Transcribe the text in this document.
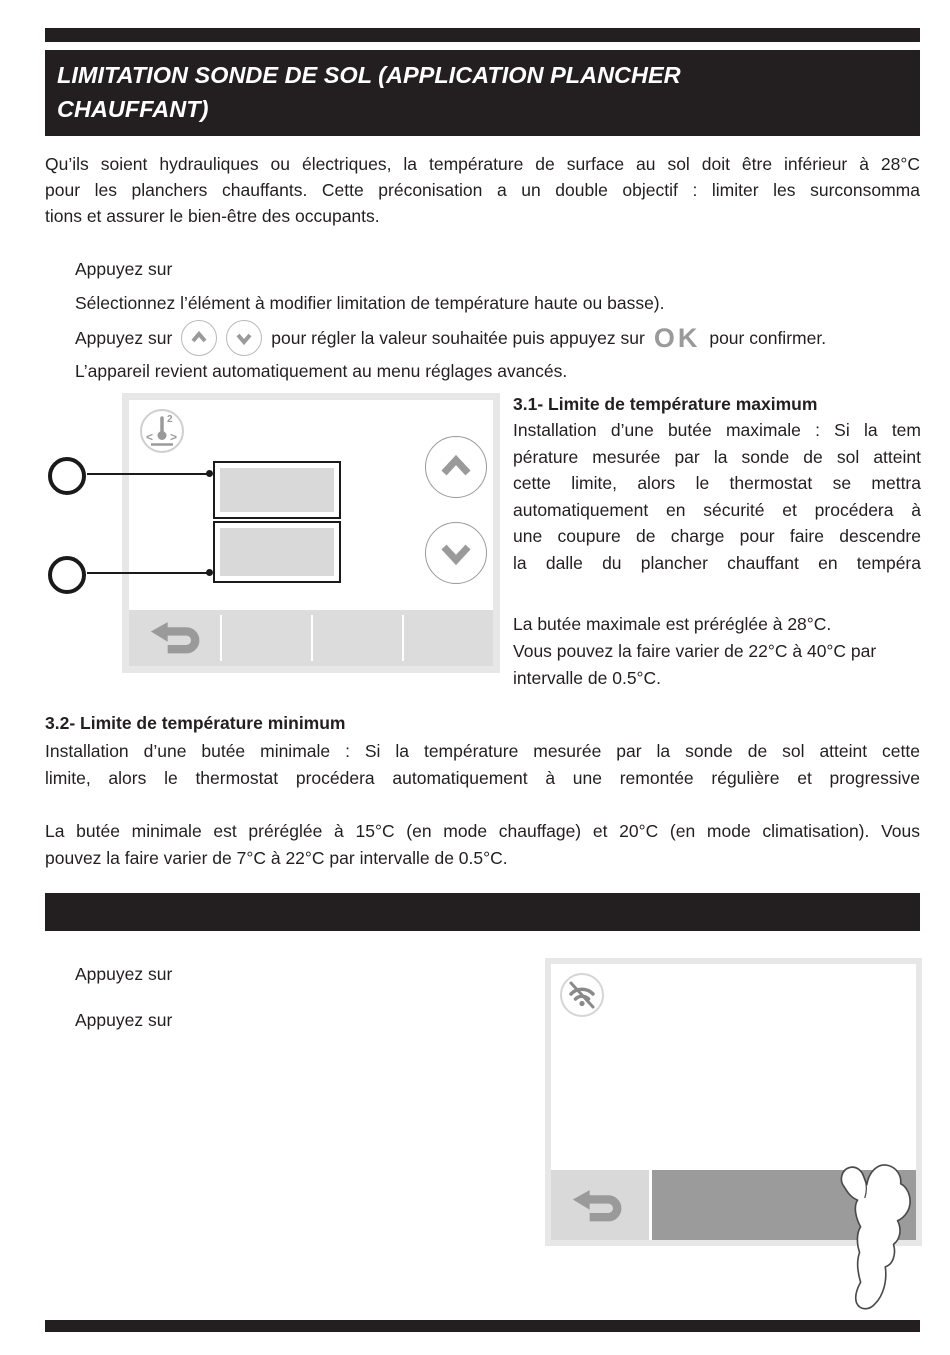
LIMITATION SONDE DE SOL (APPLICATION PLANCHER
CHAUFFANT)
Qu’ils soient hydrauliques ou électriques, la température de surface au sol doit être inférieur à 28°C
pour les planchers chauffants. Cette préconisation a un double objectif : limiter les surconsomma
tions et assurer le bien-être des occupants.
Appuyez sur
Sélectionnez l’élément à modifier limitation de température haute ou basse).
Appuyez sur	pour régler la valeur souhaitée puis appuyez sur OK pour confirmer.
L’appareil revient automatiquement au menu réglages avancés.
2
< >
3.1- Limite de température maximum
Installation d’une butée maximale : Si la tem
pérature mesurée par la sonde de sol atteint
cette limite, alors le thermostat se mettra
automatiquement en sécurité et procédera à
une coupure de charge pour faire descendre
la dalle du plancher chauffant en tempéra
La butée maximale est préréglée à 28°C.
Vous pouvez la faire varier de 22°C à 40°C par
intervalle de 0.5°C.
3.2- Limite de température minimum
Installation d’une butée minimale : Si la température mesurée par la sonde de sol atteint cette
limite, alors le thermostat procédera automatiquement à une remontée régulière et progressive
La butée minimale est préréglée à 15°C (en mode chauffage) et 20°C (en mode climatisation). Vous
pouvez la faire varier de 7°C à 22°C par intervalle de 0.5°C.
Appuyez sur
Appuyez sur
